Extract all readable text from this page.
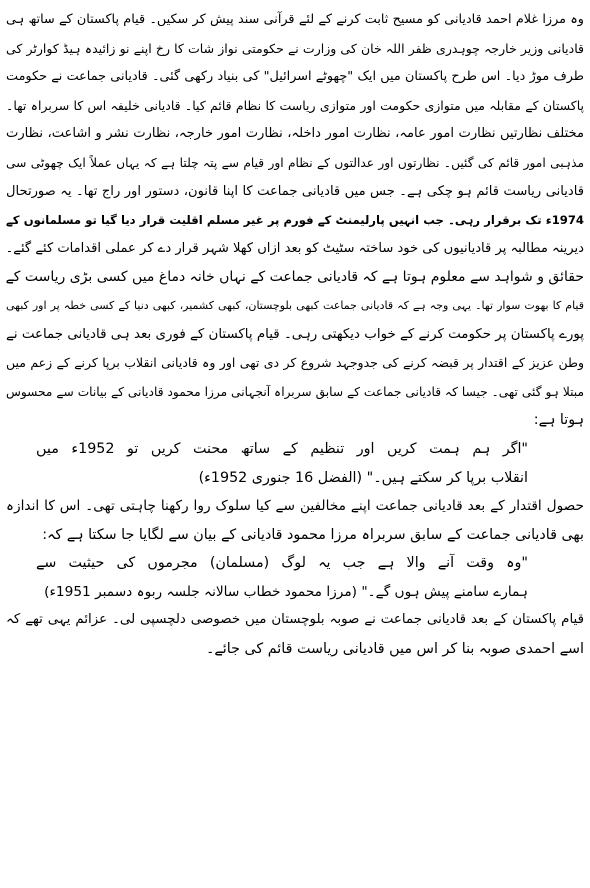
وہ مرزا غلام احمد قادیانی کو مسیح ثابت کرنے کے لئے قرآنی سند پیش کر سکیں۔ قیام پاکستان کے ساتھ ہی
قادیانی وزیر خارجہ چوہدری ظفر اللہ خان کی وزارت نے حکومتی نواز شات کا رخ اپنے نو زائیدہ ہیڈ کوارٹر کی
طرف موڑ دیا۔ اس طرح پاکستان میں ایک "چھوٹے اسرائیل" کی بنیاد رکھی گئی۔ قادیانی جماعت نے حکومت
پاکستان کے مقابلہ میں متوازی حکومت اور متوازی ریاست کا نظام قائم کیا۔ قادیانی خلیفہ اس کا سربراہ تھا۔
مختلف نظارتیں نظارت امور عامہ، نظارت امور داخلہ، نظارت امور خارجہ، نظارت نشر و اشاعت، نظارت
مذہبی امور قائم کی گئیں۔ نظارتوں اور عدالتوں کے نظام اور قیام سے پتہ چلتا ہے کہ یہاں عملاً ایک چھوٹی سی
قادیانی ریاست قائم ہو چکی ہے۔ جس میں قادیانی جماعت کا اپنا قانون، دستور اور راج تھا۔ یہ صورتحال
1974ء تک برقرار رہی۔ جب انہیں پارلیمنٹ کے فورم پر غیر مسلم اقلیت قرار دیا گیا تو مسلمانوں کے
دیرینہ مطالبہ پر قادیانیوں کی خود ساختہ سٹیٹ کو بعد ازاں کھلا شہر قرار دے کر عملی اقدامات کئے گئے۔
حقائق و شواہد سے معلوم ہوتا ہے کہ قادیانی جماعت کے نہاں خانہ دماغ میں کسی بڑی ریاست کے
قیام کا بھوت سوار تھا۔ یہی وجہ ہے کہ قادیانی جماعت کبھی بلوچستان، کبھی کشمیر، کبھی دنیا کے کسی خطہ پر اور کبھی
پورے پاکستان پر حکومت کرنے کے خواب دیکھتی رہی۔ قیام پاکستان کے فوری بعد ہی قادیانی جماعت نے
وطن عزیز کے اقتدار پر قبضہ کرنے کی جدوجہد شروع کر دی تھی اور وہ قادیانی انقلاب برپا کرنے کے زعم میں
مبتلا ہو گئی تھی۔ جیسا کہ قادیانی جماعت کے سابق سربراہ آنجہانی مرزا محمود قادیانی کے بیانات سے محسوس
ہوتا ہے:
"اگر ہم ہمت کریں اور تنظیم کے ساتھ محنت کریں تو 1952ء میں
انقلاب برپا کر سکتے ہیں۔" (الفضل 16 جنوری 1952ء)
حصول اقتدار کے بعد قادیانی جماعت اپنے مخالفین سے کیا سلوک روا رکھنا چاہتی تھی۔ اس کا اندازہ
بھی قادیانی جماعت کے سابق سربراہ مرزا محمود قادیانی کے بیان سے لگایا جا سکتا ہے کہ:
"وہ وقت آنے والا ہے جب یہ لوگ (مسلمان) مجرموں کی حیثیت سے
ہمارے سامنے پیش ہوں گے۔" (مرزا محمود خطاب سالانہ جلسہ ربوہ دسمبر 1951ء)
قیام پاکستان کے بعد قادیانی جماعت نے صوبہ بلوچستان میں خصوصی دلچسپی لی۔ عزائم یہی تھے کہ
اسے احمدی صوبہ بنا کر اس میں قادیانی ریاست قائم کی جائے۔
